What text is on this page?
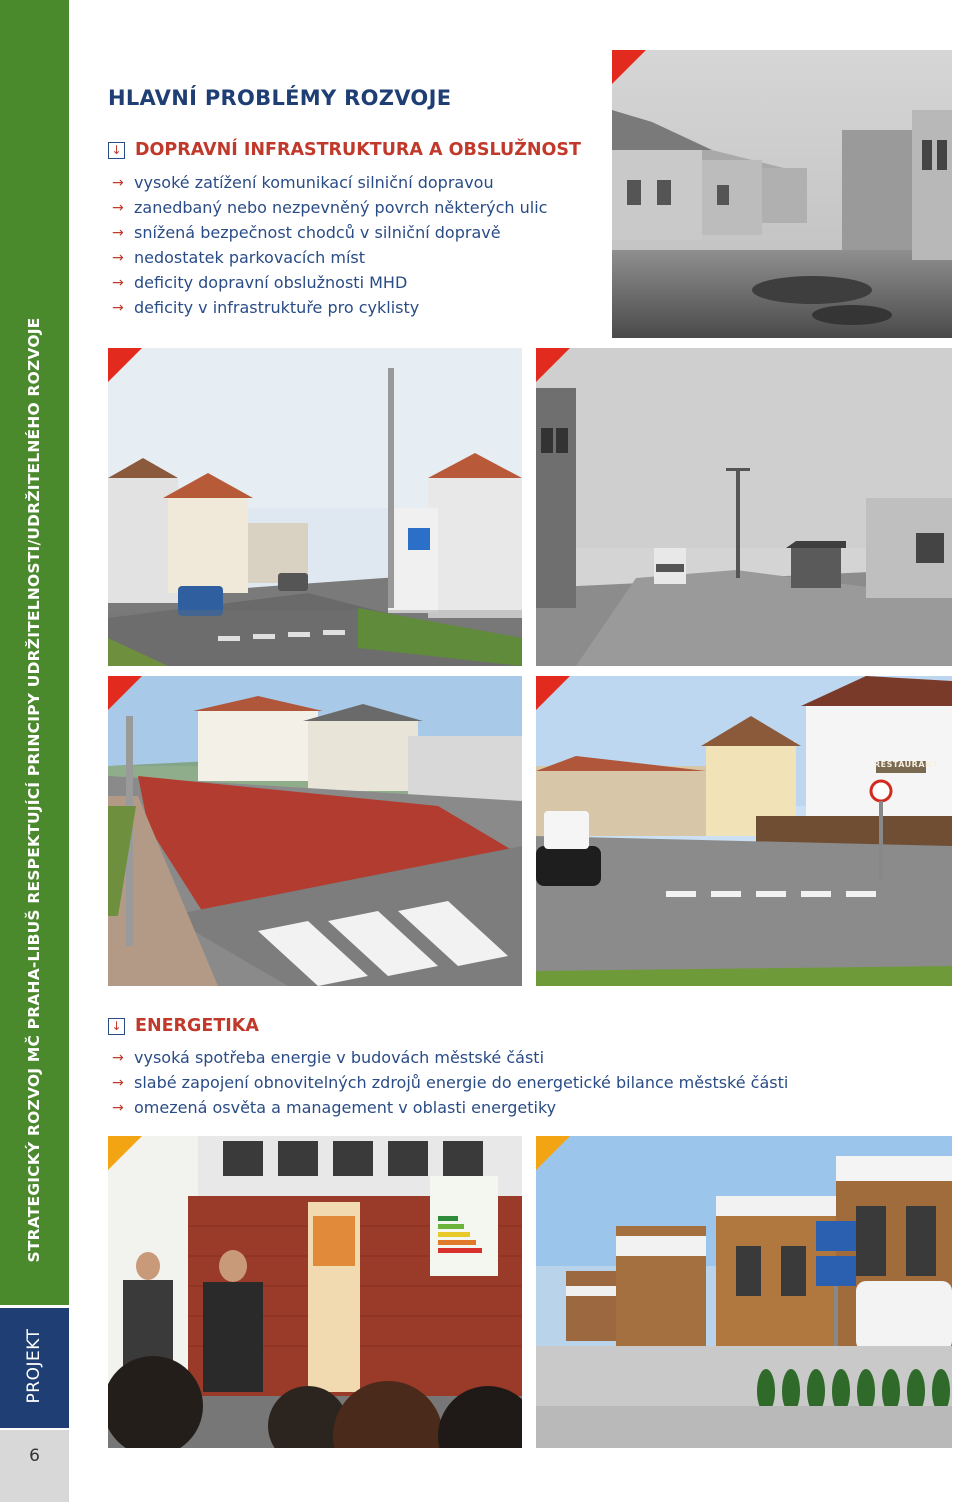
STRATEGICKÝ ROZVOJ MČ PRAHA-LIBUŠ RESPEKTUJÍCÍ PRINCIPY UDRŽITELNOSTI/UDRŽITELNÉHO ROZVOJE
PROJEKT
6
HLAVNÍ PROBLÉMY ROZVOJE
↓ DOPRAVNÍ INFRASTRUKTURA A OBSLUŽNOST
→ vysoké zatížení komunikací silniční dopravou
→ zanedbaný nebo nezpevněný povrch některých ulic
→ snížená bezpečnost chodců v silniční dopravě
→ nedostatek parkovacích míst
→ deficity dopravní obslužnosti MHD
→ deficity v infrastruktuře pro cyklisty
RESTAURANT
↓ ENERGETIKA
→ vysoká spotřeba energie v budovách městské části
→ slabé zapojení obnovitelných zdrojů energie do energetické bilance městské části
→ omezená osvěta a management v oblasti energetiky
